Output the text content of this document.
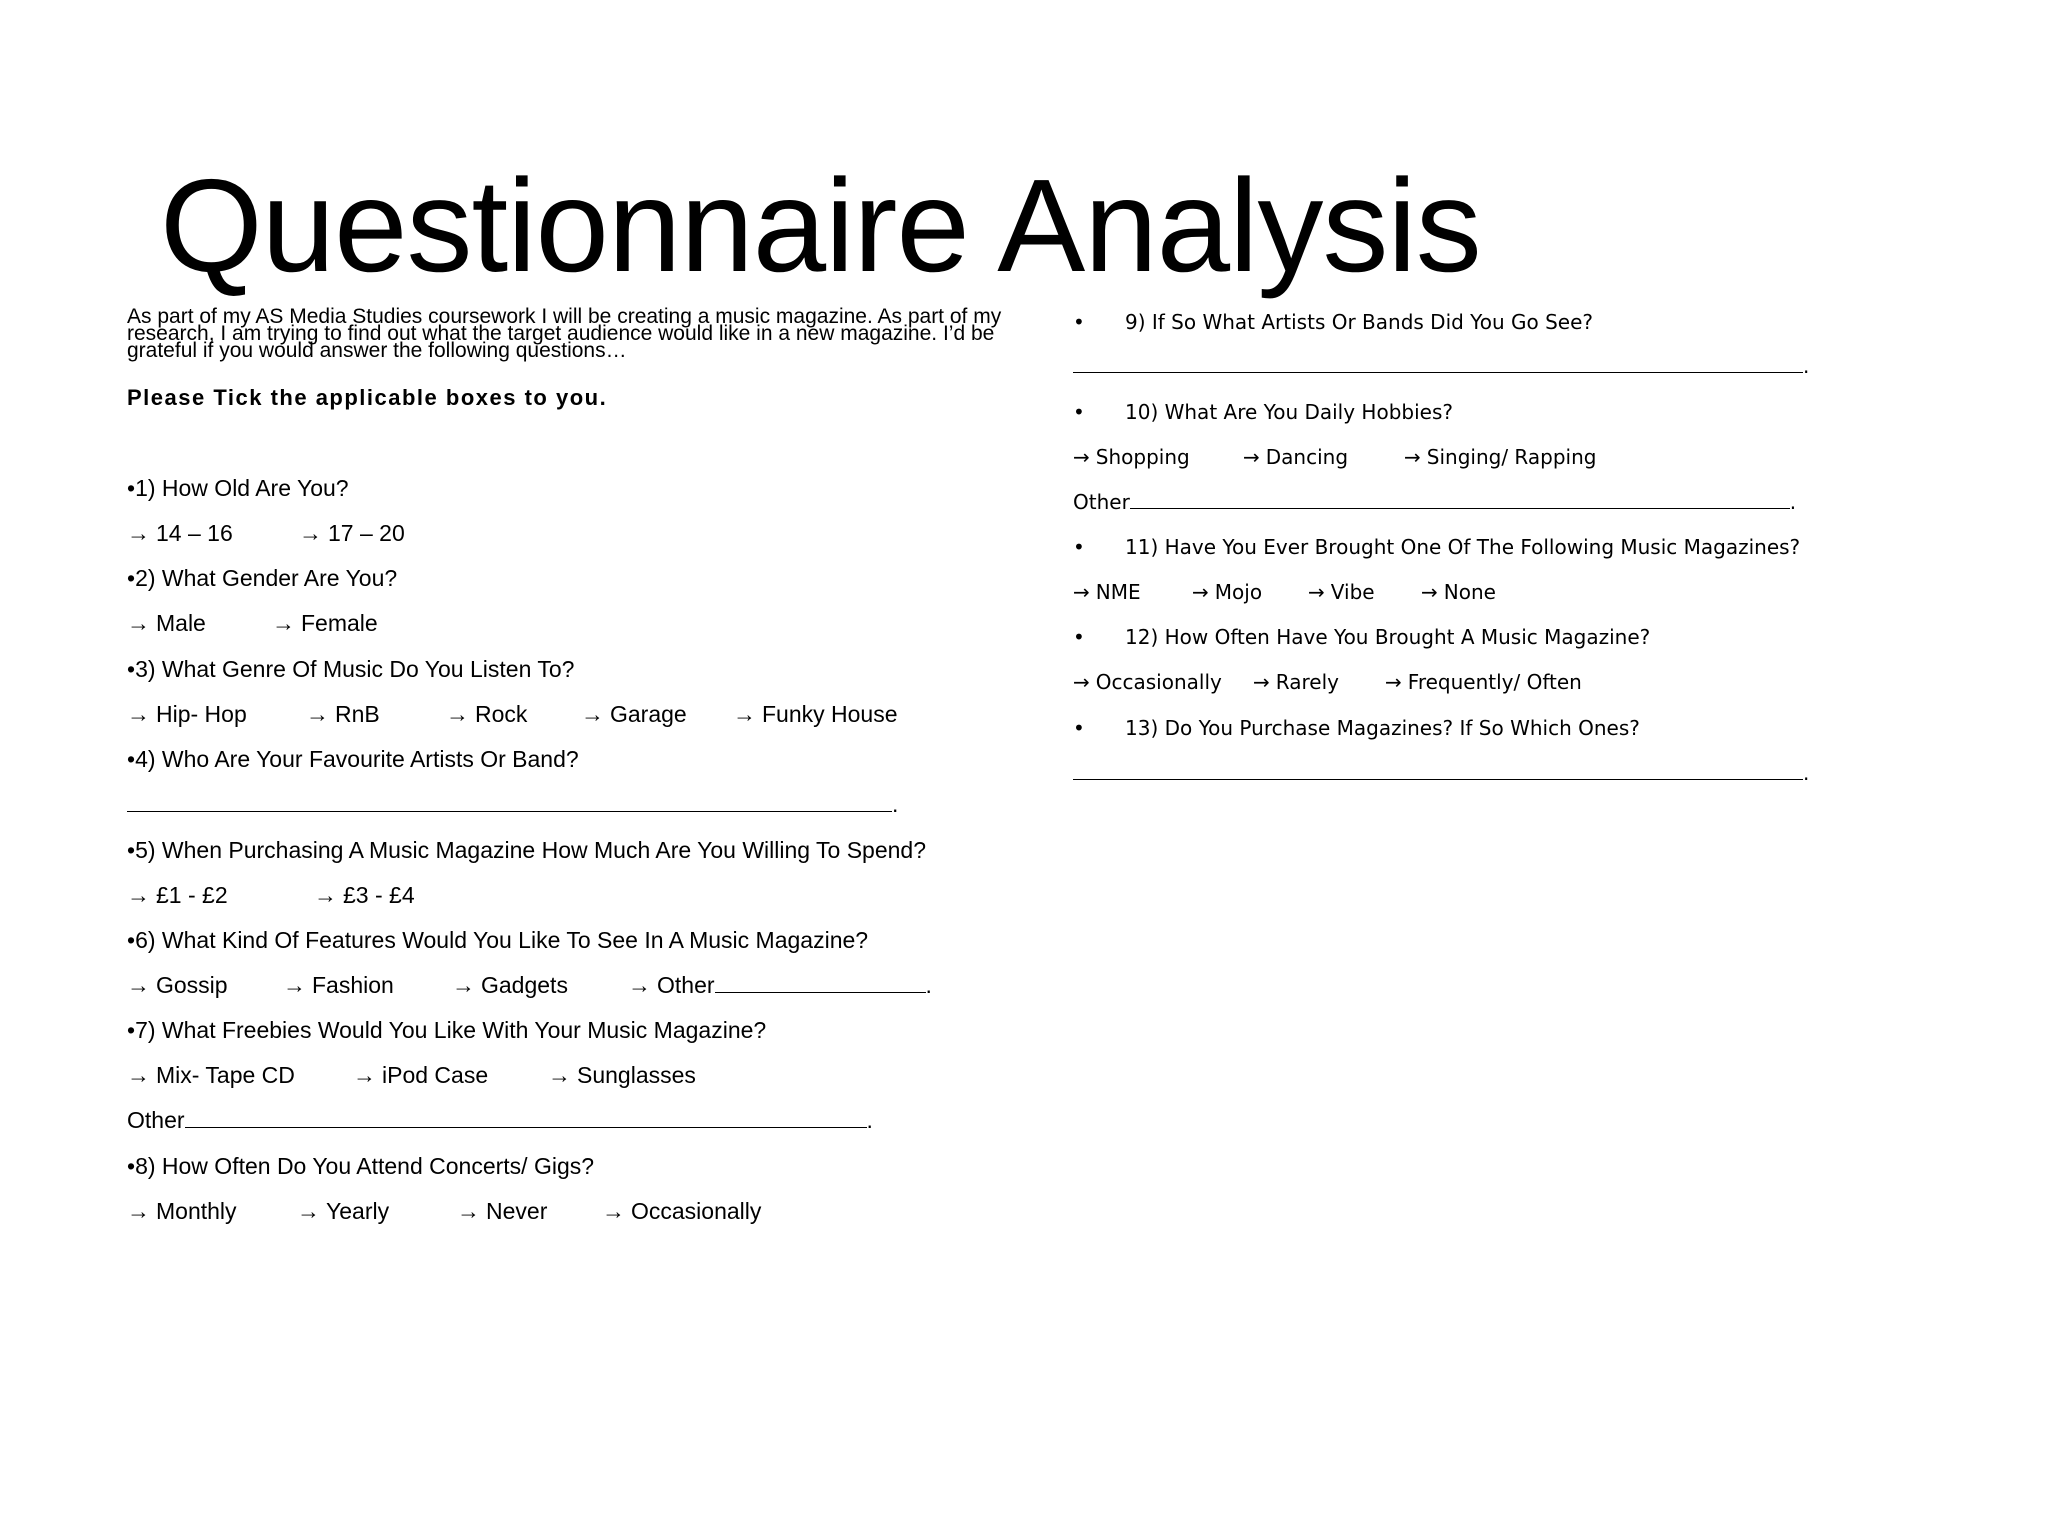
Questionnaire Analysis
As part of my AS Media Studies coursework I will be creating a music magazine. As part of my research, I am trying to find out what the target audience would like in a new magazine. I’d be grateful if you would answer the following questions…
Please Tick the applicable boxes to you.
•1) How Old Are You?
→ 14 – 16	→ 17 – 20
•2) What Gender Are You?
→ Male	→ Female
•3) What Genre Of Music Do You Listen To?
→ Hip- Hop	→ RnB	→ Rock → Garage → Funky House
•4) Who Are Your Favourite Artists Or Band?
.
•5) When Purchasing A Music Magazine How Much Are You Willing To Spend?
→ £1 - £2	→ £3 - £4
•6) What Kind Of Features Would You Like To See In A Music Magazine?
→ Gossip → Fashion	→ Gadgets	→ Other	.
•7) What Freebies Would You Like With Your Music Magazine?
→ Mix- Tape CD	→ iPod Case	→ Sunglasses
Other	.
•8) How Often Do You Attend Concerts/ Gigs?
→ Monthly	→ Yearly	→ Never → Occasionally
• 9) If So What Artists Or Bands Did You Go See?
.
• 10) What Are You Daily Hobbies?
→ Shopping	→ Dancing	→ Singing/ Rapping
Other	.
• 11) Have You Ever Brought One Of The Following Music Magazines?
→ NME	→ Mojo → Vibe → None
• 12) How Often Have You Brought A Music Magazine?
→ Occasionally → Rarely → Frequently/ Often
• 13) Do You Purchase Magazines? If So Which Ones?
.
